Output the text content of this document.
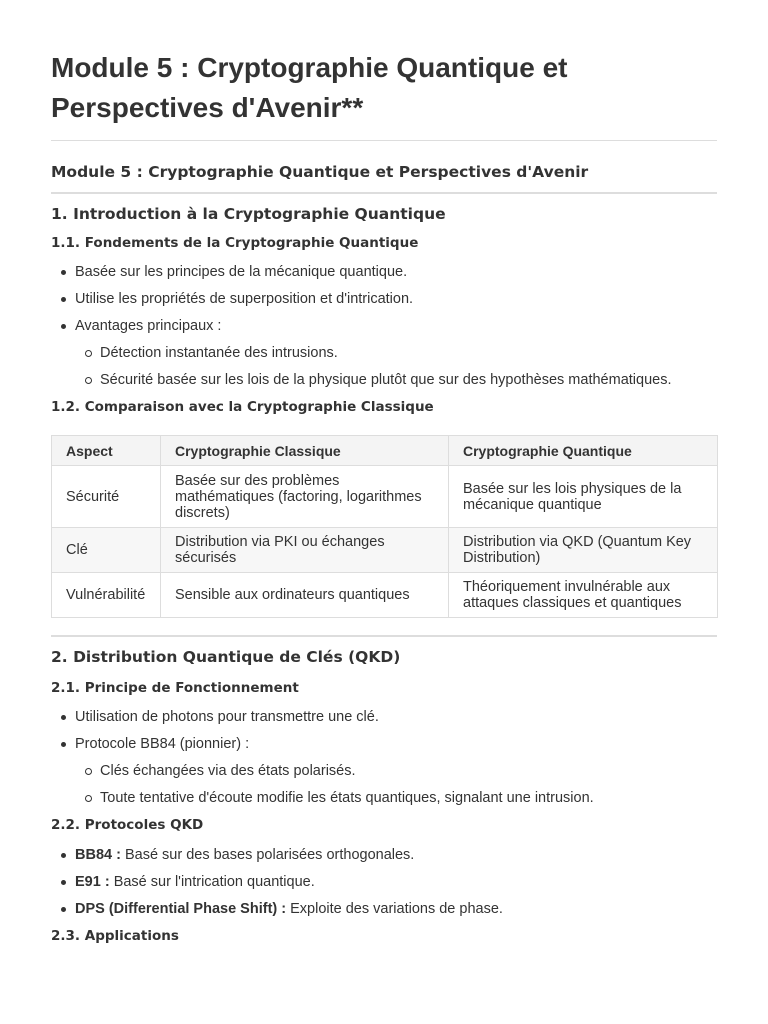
Module 5 : Cryptographie Quantique et Perspectives d'Avenir**
Module 5 : Cryptographie Quantique et Perspectives d'Avenir
1. Introduction à la Cryptographie Quantique
1.1. Fondements de la Cryptographie Quantique
Basée sur les principes de la mécanique quantique.
Utilise les propriétés de superposition et d'intrication.
Avantages principaux :
Détection instantanée des intrusions.
Sécurité basée sur les lois de la physique plutôt que sur des hypothèses mathématiques.
1.2. Comparaison avec la Cryptographie Classique
Aspect	Cryptographie Classique	Cryptographie Quantique
Sécurité	Basée sur des problèmes mathématiques (factoring, logarithmes discrets)	Basée sur les lois physiques de la mécanique quantique
Clé	Distribution via PKI ou échanges sécurisés	Distribution via QKD (Quantum Key Distribution)
Vulnérabilité	Sensible aux ordinateurs quantiques	Théoriquement invulnérable aux attaques classiques et quantiques
2. Distribution Quantique de Clés (QKD)
2.1. Principe de Fonctionnement
Utilisation de photons pour transmettre une clé.
Protocole BB84 (pionnier) :
Clés échangées via des états polarisés.
Toute tentative d'écoute modifie les états quantiques, signalant une intrusion.
2.2. Protocoles QKD
BB84 : Basé sur des bases polarisées orthogonales.
E91 : Basé sur l'intrication quantique.
DPS (Differential Phase Shift) : Exploite des variations de phase.
2.3. Applications
